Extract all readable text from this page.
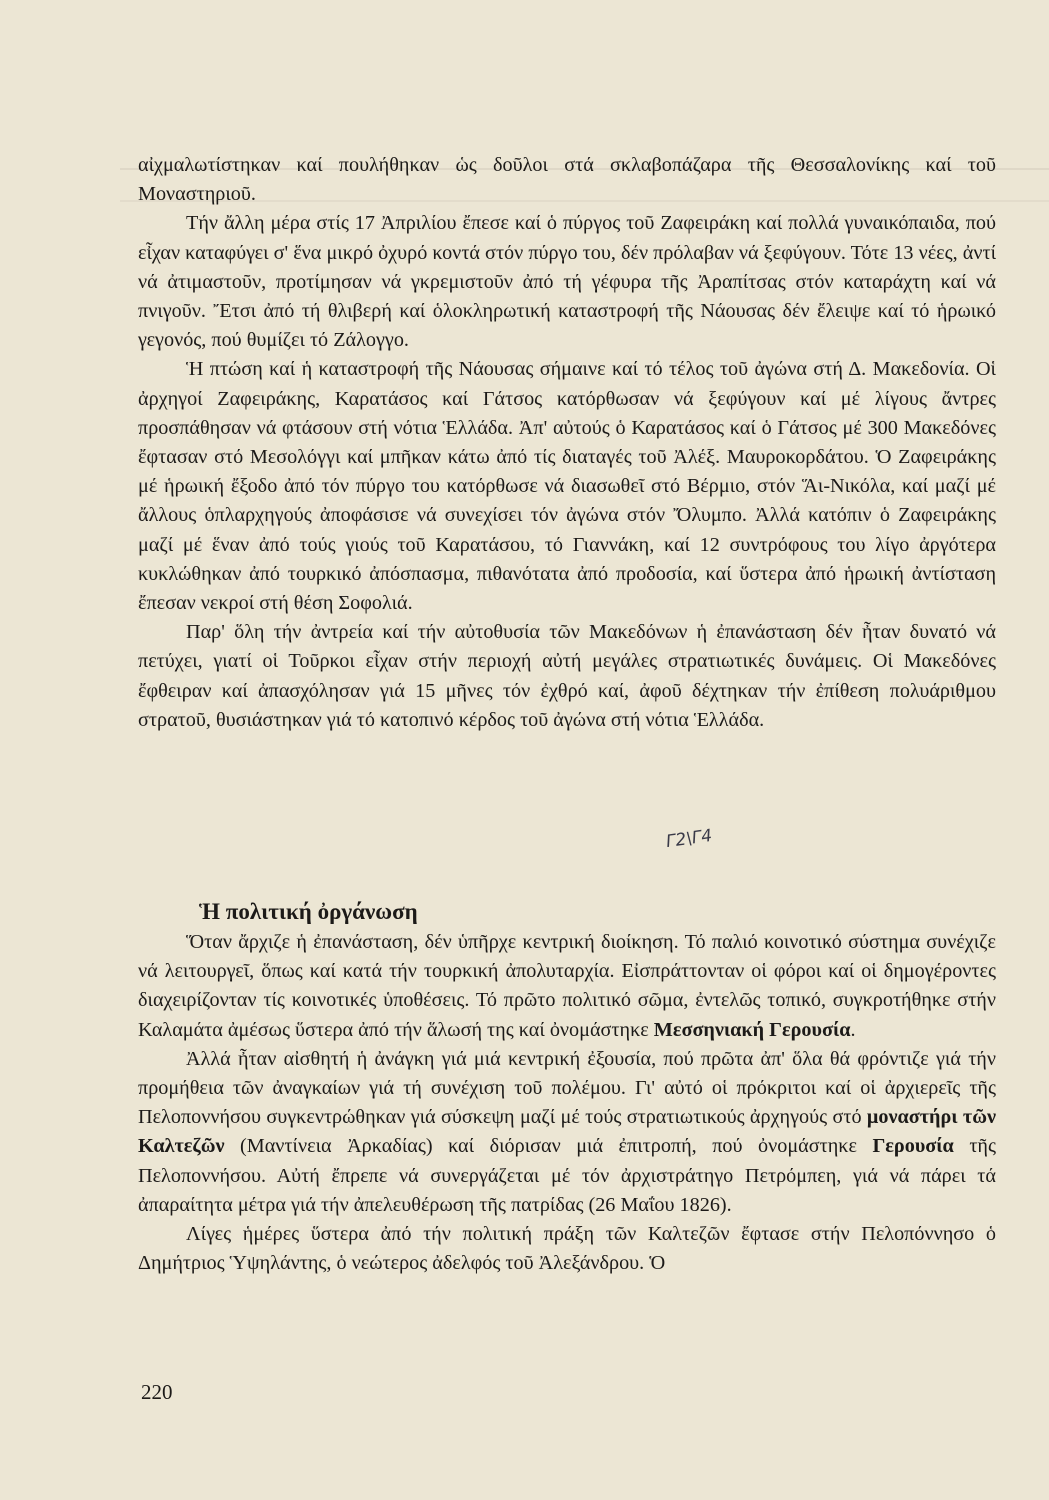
αἰχμαλωτίστηκαν καί πουλήθηκαν ὡς δοῦλοι στά σκλαβοπάζαρα τῆς Θεσσαλονίκης καί τοῦ Μοναστηριοῦ.

Τήν ἄλλη μέρα στίς 17 Ἀπριλίου ἔπεσε καί ὁ πύργος τοῦ Ζαφειράκη καί πολλά γυναικόπαιδα, πού εἶχαν καταφύγει σ' ἕνα μικρό ὀχυρό κοντά στόν πύργο του, δέν πρόλαβαν νά ξεφύγουν. Τότε 13 νέες, ἀντί νά ἀτιμαστοῦν, προτίμησαν νά γκρεμιστοῦν ἀπό τή γέφυρα τῆς Ἀραπίτσας στόν καταράχτη καί νά πνιγοῦν. Ἔτσι ἀπό τή θλιβερή καί ὁλοκληρωτική καταστροφή τῆς Νάουσας δέν ἔλειψε καί τό ἡρωικό γεγονός, πού θυμίζει τό Ζάλογγο.

Ἡ πτώση καί ἡ καταστροφή τῆς Νάουσας σήμαινε καί τό τέλος τοῦ ἀγώνα στή Δ. Μακεδονία. Οἱ ἀρχηγοί Ζαφειράκης, Καρατάσος καί Γάτσος κατόρθωσαν νά ξεφύγουν καί μέ λίγους ἄντρες προσπάθησαν νά φτάσουν στή νότια Ἑλλάδα. Ἀπ' αὐτούς ὁ Καρατάσος καί ὁ Γάτσος μέ 300 Μακεδόνες ἔφτασαν στό Μεσολόγγι καί μπῆκαν κάτω ἀπό τίς διαταγές τοῦ Ἀλέξ. Μαυροκορδάτου. Ὁ Ζαφειράκης μέ ἡρωική ἔξοδο ἀπό τόν πύργο του κατόρθωσε νά διασωθεῖ στό Βέρμιο, στόν Ἅι-Νικόλα, καί μαζί μέ ἄλλους ὁπλαρχηγούς ἀποφάσισε νά συνεχίσει τόν ἀγώνα στόν Ὄλυμπο. Ἀλλά κατόπιν ὁ Ζαφειράκης μαζί μέ ἕναν ἀπό τούς γιούς τοῦ Καρατάσου, τό Γιαννάκη, καί 12 συντρόφους του λίγο ἀργότερα κυκλώθηκαν ἀπό τουρκικό ἀπόσπασμα, πιθανότατα ἀπό προδοσία, καί ὕστερα ἀπό ἡρωική ἀντίσταση ἔπεσαν νεκροί στή θέση Σοφολιά.

Παρ' ὅλη τήν ἀντρεία καί τήν αὐτοθυσία τῶν Μακεδόνων ἡ ἐπανάσταση δέν ἦταν δυνατό νά πετύχει, γιατί οἱ Τοῦρκοι εἶχαν στήν περιοχή αὐτή μεγάλες στρατιωτικές δυνάμεις. Οἱ Μακεδόνες ἔφθειραν καί ἀπασχόλησαν γιά 15 μῆνες τόν ἐχθρό καί, ἀφοῦ δέχτηκαν τήν ἐπίθεση πολυάριθμου στρατοῦ, θυσιάστηκαν γιά τό κατοπινό κέρδος τοῦ ἀγώνα στή νότια Ἑλλάδα.

Γ2\Γ4
Ἡ πολιτική ὀργάνωση

Ὅταν ἄρχιζε ἡ ἐπανάσταση, δέν ὑπῆρχε κεντρική διοίκηση. Τό παλιό κοινοτικό σύστημα συνέχιζε νά λειτουργεῖ, ὅπως καί κατά τήν τουρκική ἀπολυταρχία. Εἰσπράττονταν οἱ φόροι καί οἱ δημογέροντες διαχειρίζονταν τίς κοινοτικές ὑποθέσεις. Τό πρῶτο πολιτικό σῶμα, ἐντελῶς τοπικό, συγκροτήθηκε στήν Καλαμάτα ἀμέσως ὕστερα ἀπό τήν ἅλωσή της καί ὀνομάστηκε Μεσσηνιακή Γερουσία.

Ἀλλά ἦταν αἰσθητή ἡ ἀνάγκη γιά μιά κεντρική ἐξουσία, πού πρῶτα ἀπ' ὅλα θά φρόντιζε γιά τήν προμήθεια τῶν ἀναγκαίων γιά τή συνέχιση τοῦ πολέμου. Γι' αὐτό οἱ πρόκριτοι καί οἱ ἀρχιερεῖς τῆς Πελοποννήσου συγκεντρώθηκαν γιά σύσκεψη μαζί μέ τούς στρατιωτικούς ἀρχηγούς στό μοναστήρι τῶν Καλτεζῶν (Μαντίνεια Ἀρκαδίας) καί διόρισαν μιά ἐπιτροπή, πού ὀνομάστηκε Γερουσία τῆς Πελοποννήσου. Αὐτή ἔπρεπε νά συνεργάζεται μέ τόν ἀρχιστράτηγο Πετρόμπεη, γιά νά πάρει τά ἀπαραίτητα μέτρα γιά τήν ἀπελευθέρωση τῆς πατρίδας (26 Μαΐου 1826).

Λίγες ἡμέρες ὕστερα ἀπό τήν πολιτική πράξη τῶν Καλτεζῶν ἔφτασε στήν Πελοπόννησο ὁ Δημήτριος Ὑψηλάντης, ὁ νεώτερος ἀδελφός τοῦ Ἀλεξάνδρου. Ὁ

220
